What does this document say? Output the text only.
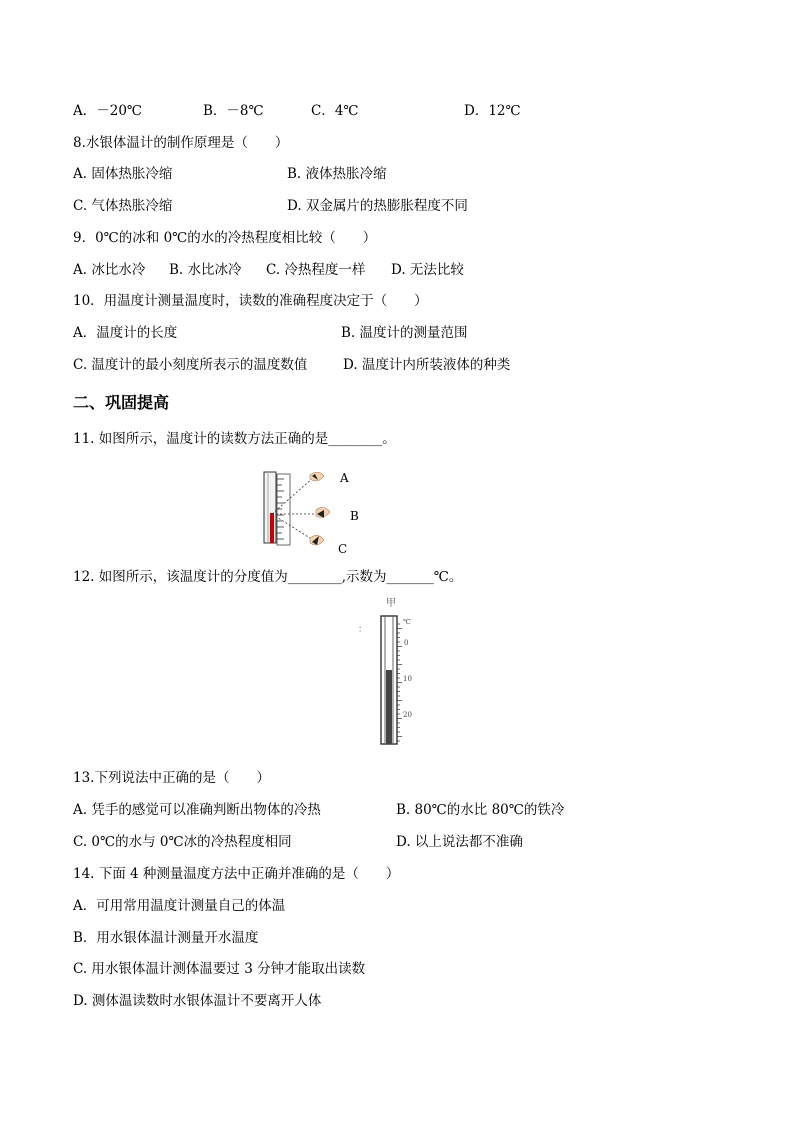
A．－20℃	B．－8℃	C．4℃	D．12℃
8.水银体温计的制作原理是（　　）
A. 固体热胀冷缩	B. 液体热胀冷缩
C. 气体热胀冷缩	D. 双金属片的热膨胀程度不同
9．0℃的冰和 0℃的水的冷热程度相比较（　　）
A. 冰比水冷 B. 水比冰冷 C. 冷热程度一样 D. 无法比较
10．用温度计测量温度时，读数的准确程度决定于（　　）
A．温度计的长度	B. 温度计的测量范围
C. 温度计的最小刻度所表示的温度数值	D. 温度计内所装液体的种类
二、巩固提高
11. 如图所示，温度计的读数方法正确的是________。
A
B
C
12. 如图所示，该温度计的分度值为________,示数为_______℃。
甲
：
℃
0
10
20
13.下列说法中正确的是（　　）
A. 凭手的感觉可以准确判断出物体的冷热	B. 80℃的水比 80℃的铁冷
C. 0℃的水与 0℃冰的冷热程度相同	D. 以上说法都不准确
14. 下面 4 种测量温度方法中正确并准确的是（　　）
A．可用常用温度计测量自己的体温
B．用水银体温计测量开水温度
C. 用水银体温计测体温要过 3 分钟才能取出读数
D. 测体温读数时水银体温计不要离开人体
